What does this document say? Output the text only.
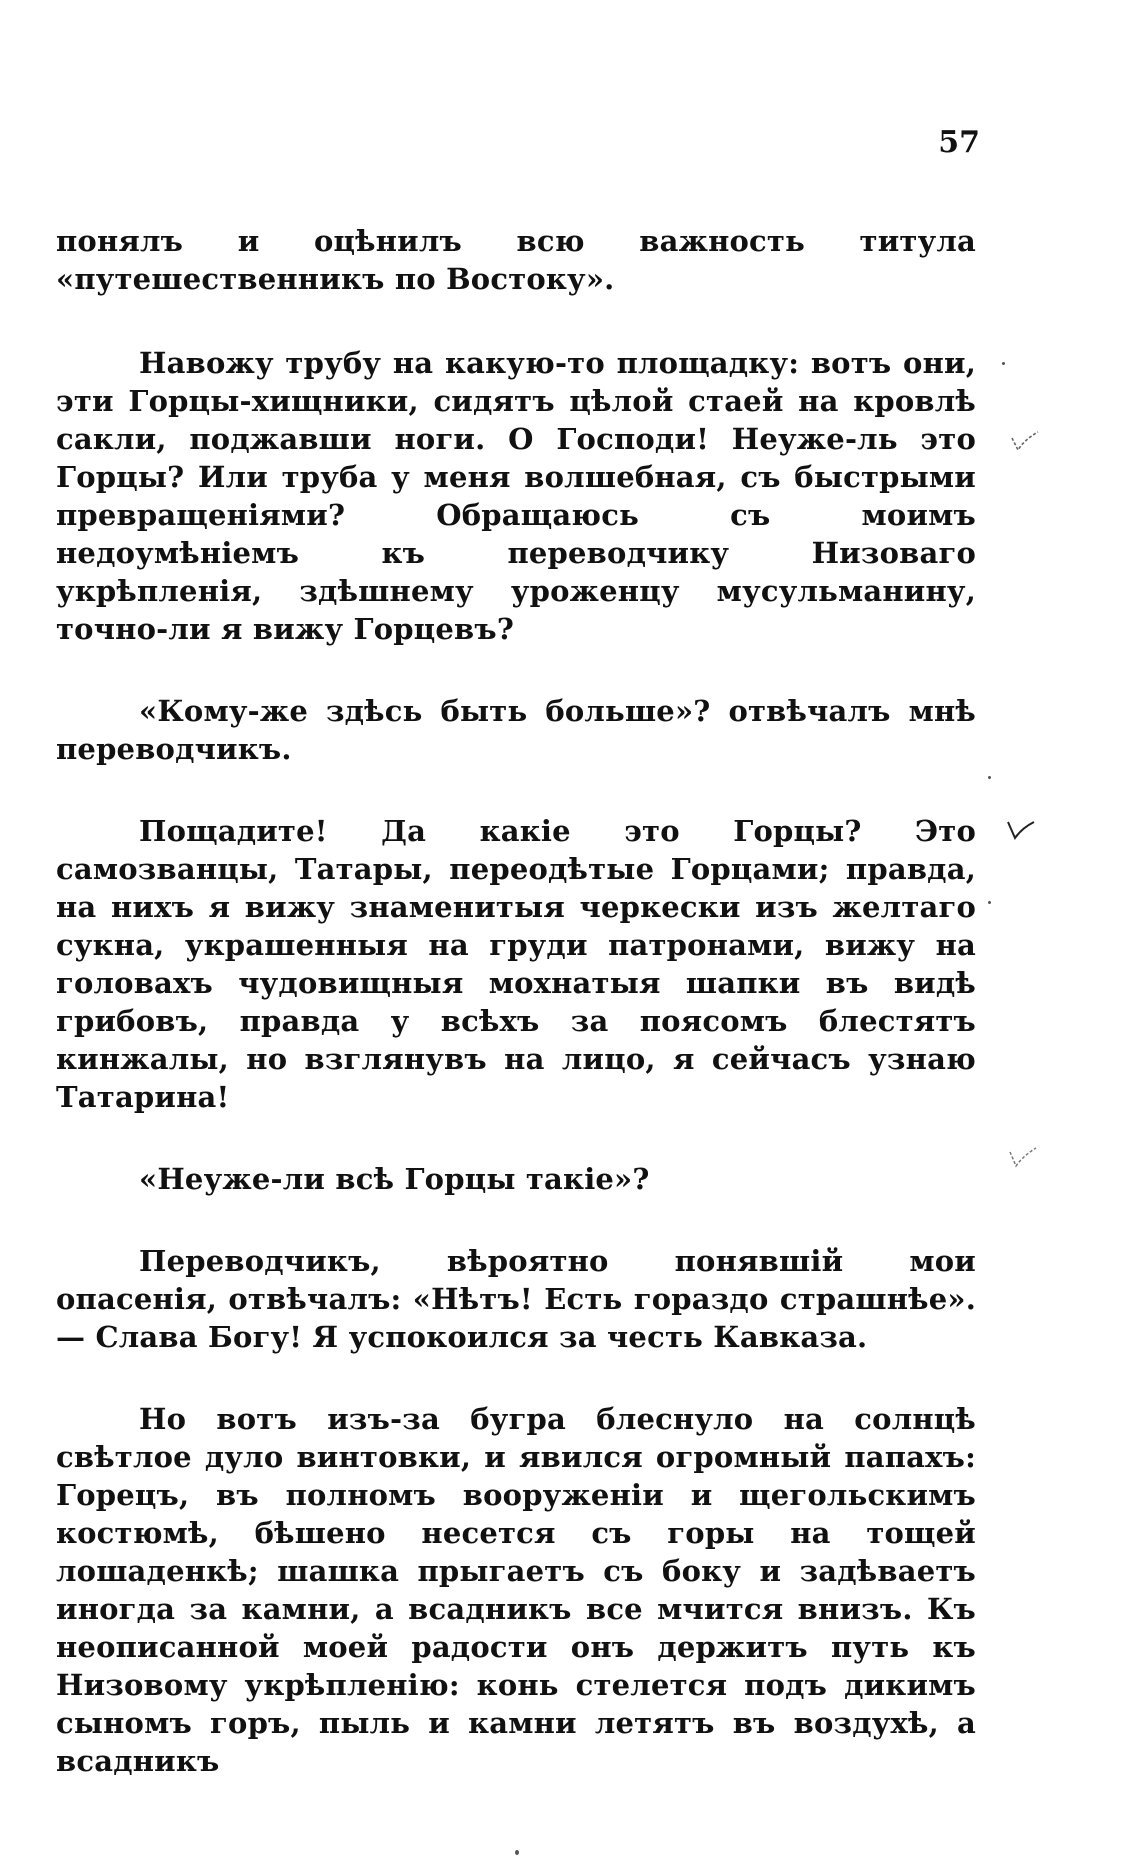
57

понялъ и оцѣнилъ всю важность титула «путешественникъ по Востоку».

Навожу трубу на какую-то площадку: вотъ они, эти Горцы-хищники, сидятъ цѣлой стаей на кровлѣ сакли, поджавши ноги. О Господи! Неуже-ль это Горцы? Или труба у меня волшебная, съ быстрыми превращеніями? Обращаюсь съ моимъ недоумѣніемъ къ переводчику Низоваго укрѣпленія, здѣшнему уроженцу мусульманину, точно-ли я вижу Горцевъ?

«Кому-же здѣсь быть больше»? отвѣчалъ мнѣ переводчикъ.

Пощадите! Да какіе это Горцы? Это самозванцы, Татары, переодѣтые Горцами; правда, на нихъ я вижу знаменитыя черкески изъ желтаго сукна, украшенныя на груди патронами, вижу на головахъ чудовищныя мохнатыя шапки въ видѣ грибовъ, правда у всѣхъ за поясомъ блестятъ кинжалы, но взглянувъ на лицо, я сейчасъ узнаю Татарина!

«Неуже-ли всѣ Горцы такіе»?

Переводчикъ, вѣроятно понявшій мои опасенія, отвѣчалъ: «Нѣтъ! Есть гораздо страшнѣе». — Слава Богу! Я успокоился за честь Кавказа.

Но вотъ изъ-за бугра блеснуло на солнцѣ свѣтлое дуло винтовки, и явился огромный папахъ: Горецъ, въ полномъ вооруженіи и щегольскимъ костюмѣ, бѣшено несется съ горы на тощей лошаденкѣ; шашка прыгаетъ съ боку и задѣваетъ иногда за камни, а всадникъ все мчится внизъ. Къ неописанной моей радости онъ держитъ путь къ Низовому укрѣпленію: конь стелется подъ дикимъ сыномъ горъ, пыль и камни летятъ въ воздухѣ, а всадникъ
